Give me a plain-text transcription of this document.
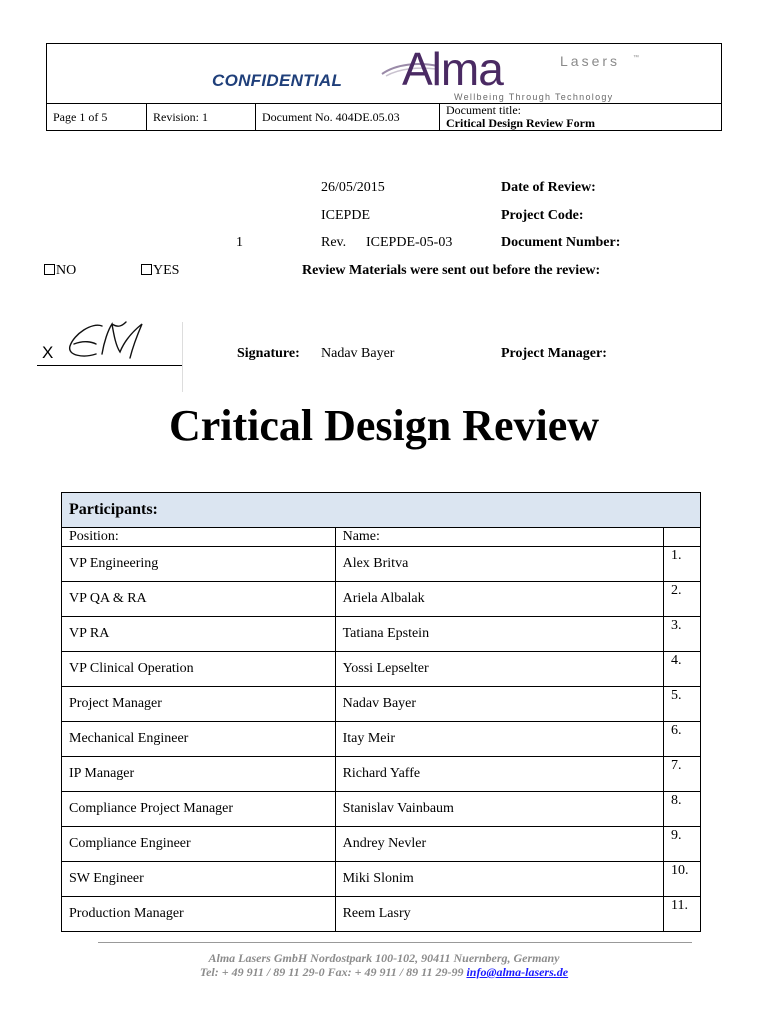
CONFIDENTIAL Alma	Lasers ™
Wellbeing Through Technology
Page 1 of 5	Revision: 1	Document No. 404DE.05.03	Document title:
Critical Design Review Form
26/05/2015	Date of Review:
ICEPDE	Project Code:
1	Rev. ICEPDE-05-03	Document Number:
NO	YES	Review Materials were sent out before the review:
X	Signature: Nadav Bayer	Project Manager:
Critical Design Review
Participants:		
Position:	Name:	
VP Engineering	Alex Britva	1.
VP QA & RA	Ariela Albalak	2.
VP RA	Tatiana Epstein	3.
VP Clinical Operation	Yossi Lepselter	4.
Project Manager	Nadav Bayer	5.
Mechanical Engineer	Itay Meir	6.
IP Manager	Richard Yaffe	7.
Compliance Project Manager	Stanislav Vainbaum	8.
Compliance Engineer	Andrey Nevler	9.
SW Engineer	Miki Slonim	10.
Production Manager	Reem Lasry	11.
Alma Lasers GmbH Nordostpark 100-102, 90411 Nuernberg, Germany
Tel: + 49 911 / 89 11 29-0 Fax: + 49 911 / 89 11 29-99 info@alma-lasers.de
